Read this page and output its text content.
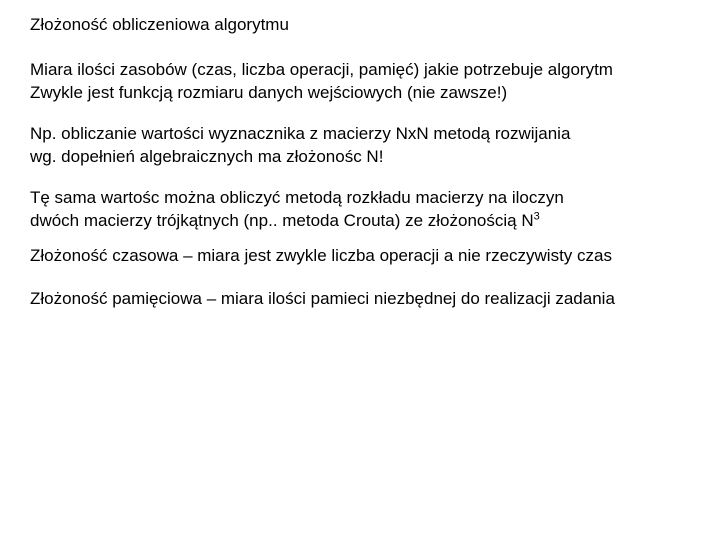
Złożoność obliczeniowa algorytmu
Miara ilości zasobów (czas, liczba operacji, pamięć) jakie potrzebuje algorytm
Zwykle jest funkcją rozmiaru danych wejściowych (nie zawsze!)
Np. obliczanie wartości wyznacznika z macierzy NxN metodą rozwijania
wg. dopełnień algebraicznych ma złożonośc N!
Tę sama wartośc można obliczyć metodą rozkładu macierzy na iloczyn
dwóch macierzy trójkątnych (np.. metoda Crouta) ze złożonością $N^3$
Złożoność czasowa – miara jest zwykle liczba operacji a nie rzeczywisty czas
Złożoność pamięciowa – miara ilości pamieci niezbędnej do realizacji zadania
